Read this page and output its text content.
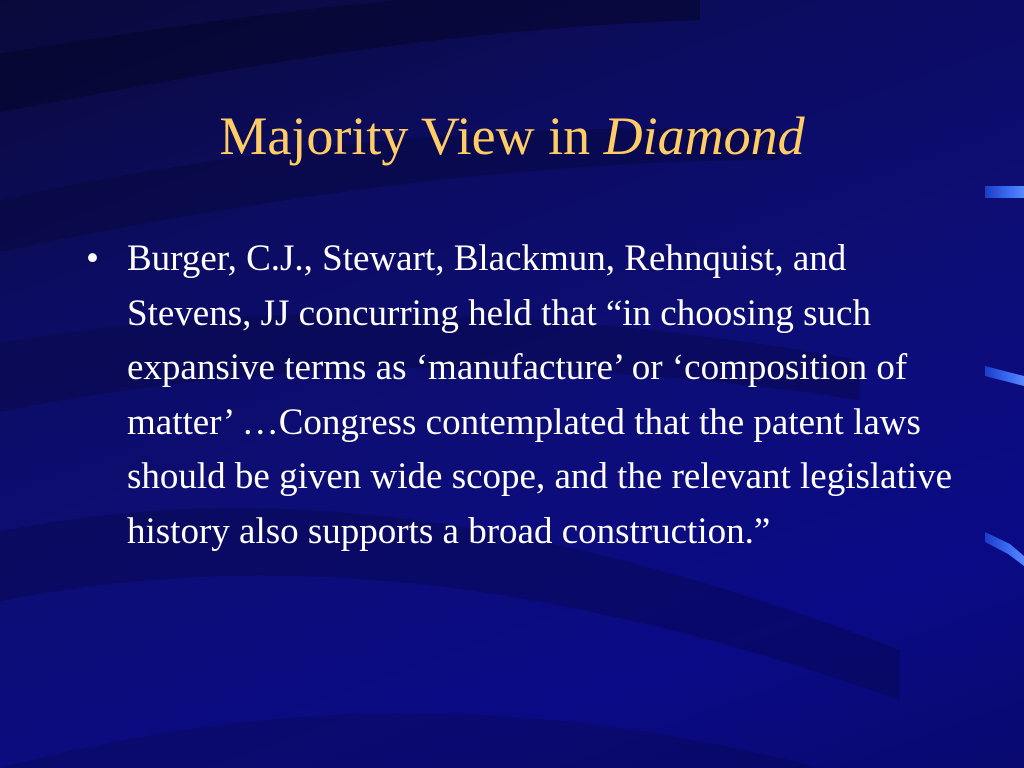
Majority View in Diamond
• Burger, C.J., Stewart, Blackmun, Rehnquist, and Stevens, JJ concurring held that “in choosing such expansive terms as ‘manufacture’ or ‘composition of matter’ …Congress contemplated that the patent laws should be given wide scope, and the relevant legislative history also supports a broad construction.”
